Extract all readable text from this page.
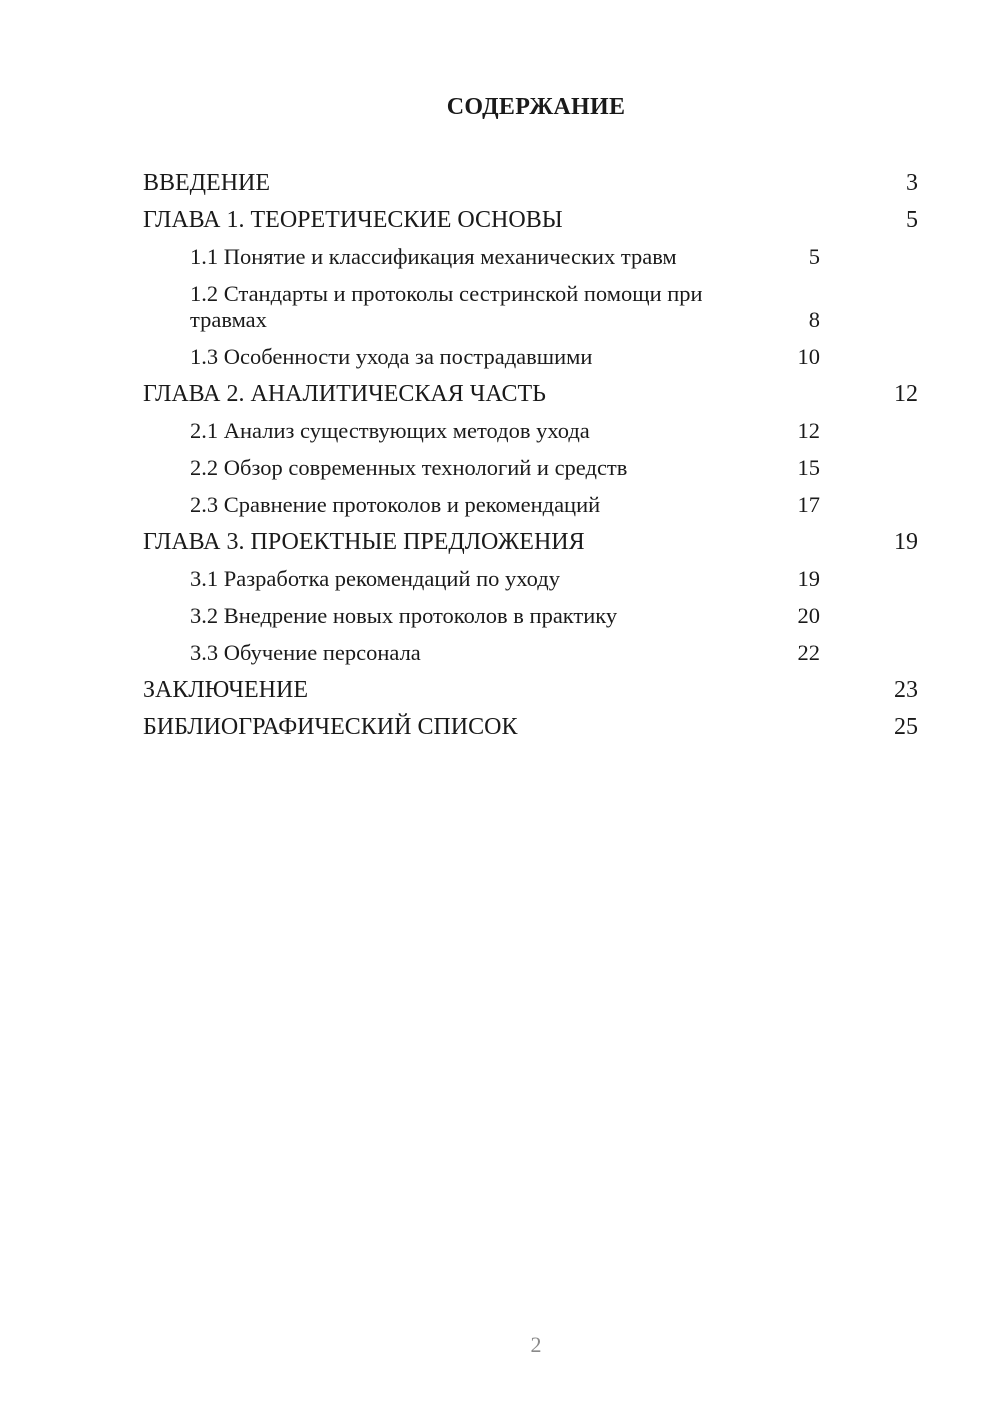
СОДЕРЖАНИЕ
ВВЕДЕНИЕ	3
ГЛАВА 1. ТЕОРЕТИЧЕСКИЕ ОСНОВЫ	5
1.1 Понятие и классификация механических травм	5
1.2 Стандарты и протоколы сестринской помощи при травмах	8
1.3 Особенности ухода за пострадавшими	10
ГЛАВА 2. АНАЛИТИЧЕСКАЯ ЧАСТЬ	12
2.1 Анализ существующих методов ухода	12
2.2 Обзор современных технологий и средств	15
2.3 Сравнение протоколов и рекомендаций	17
ГЛАВА 3. ПРОЕКТНЫЕ ПРЕДЛОЖЕНИЯ	19
3.1 Разработка рекомендаций по уходу	19
3.2 Внедрение новых протоколов в практику	20
3.3 Обучение персонала	22
ЗАКЛЮЧЕНИЕ	23
БИБЛИОГРАФИЧЕСКИЙ СПИСОК	25
2
